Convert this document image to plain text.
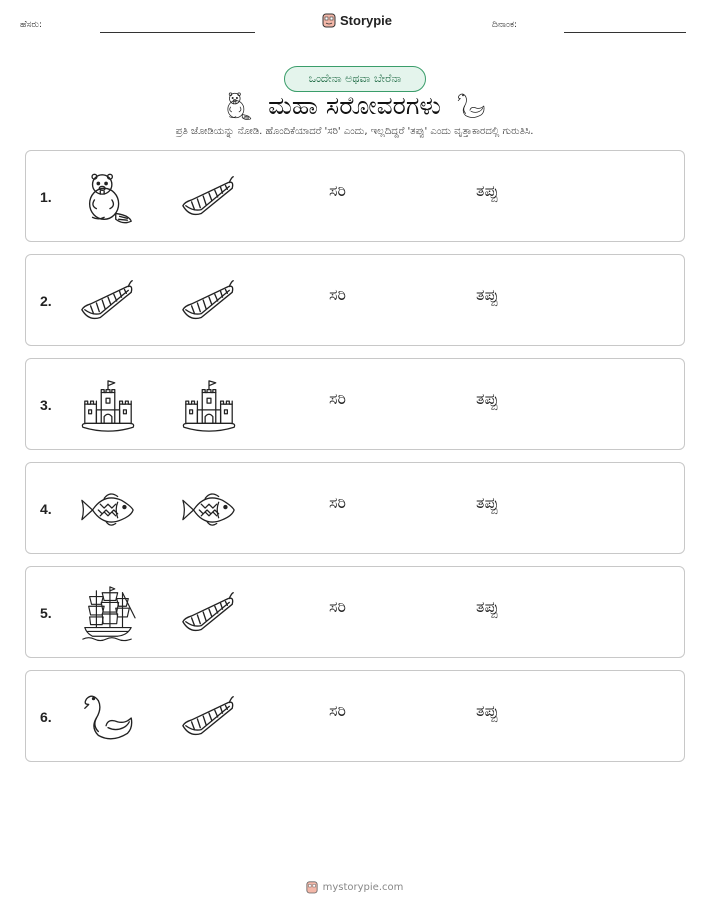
ಹೆಸರು:	Storypie	ದಿನಾಂಕ:
ಒಂದೇನಾ ಅಥವಾ ಬೇರೆನಾ
ಮಹಾ ಸರೋವರಗಳು
ಪ್ರತಿ ಜೋಡಿಯನ್ನು ನೋಡಿ. ಹೊಂದಿಕೆಯಾದರೆ 'ಸರಿ' ಎಂದು, ಇಲ್ಲದಿದ್ದರೆ 'ತಪ್ಪು' ಎಂದು ವೃತ್ತಾಕಾರದಲ್ಲಿ ಗುರುತಿಸಿ.
1.	ಸರಿ	ತಪ್ಪು
2.	ಸರಿ	ತಪ್ಪು
3.	ಸರಿ	ತಪ್ಪು
4.	ಸರಿ	ತಪ್ಪು
5.	ಸರಿ	ತಪ್ಪು
6.	ಸರಿ	ತಪ್ಪು
mystorypie.com
